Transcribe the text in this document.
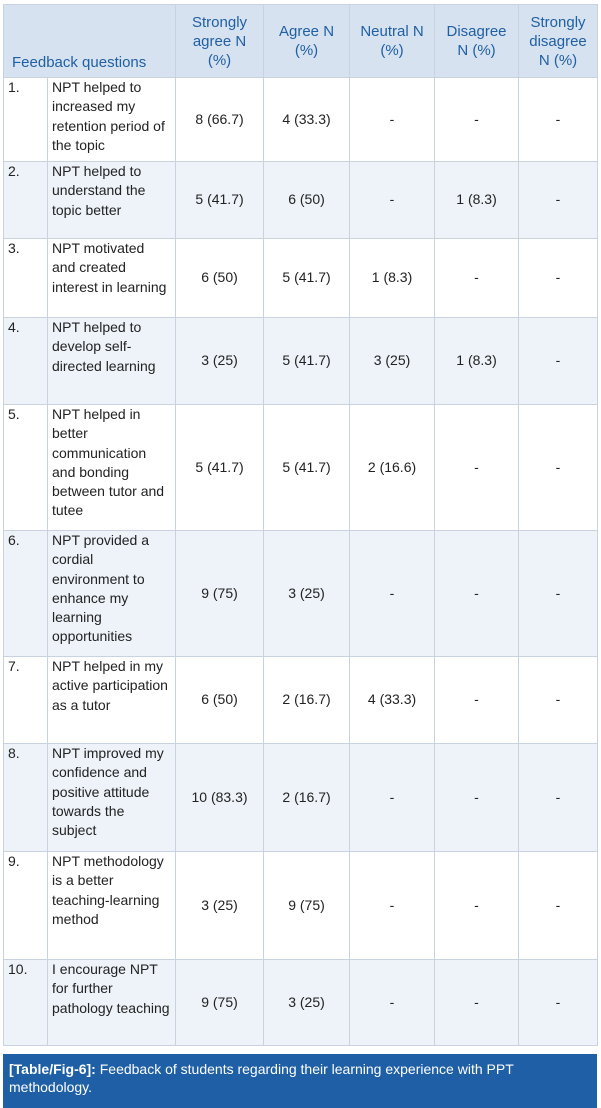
Feedback questions		Strongly agree N (%)	Agree N (%)	Neutral N (%)	Disagree N (%)	Strongly disagree N (%)
1.	NPT helped to increased my retention period of the topic	8 (66.7)	4 (33.3)	-	-	-
2.	NPT helped to understand the topic better	5 (41.7)	6 (50)	-	1 (8.3)	-
3.	NPT motivated and created interest in learning	6 (50)	5 (41.7)	1 (8.3)	-	-
4.	NPT helped to develop self-directed learning	3 (25)	5 (41.7)	3 (25)	1 (8.3)	-
5.	NPT helped in better communication and bonding between tutor and tutee	5 (41.7)	5 (41.7)	2 (16.6)	-	-
6.	NPT provided a cordial environment to enhance my learning opportunities	9 (75)	3 (25)	-	-	-
7.	NPT helped in my active participation as a tutor	6 (50)	2 (16.7)	4 (33.3)	-	-
8.	NPT improved my confidence and positive attitude towards the subject	10 (83.3)	2 (16.7)	-	-	-
9.	NPT methodology is a better teaching-learning method	3 (25)	9 (75)	-	-	-
10.	I encourage NPT for further pathology teaching	9 (75)	3 (25)	-	-	-
[Table/Fig-6]: Feedback of students regarding their learning experience with PPT methodology.
